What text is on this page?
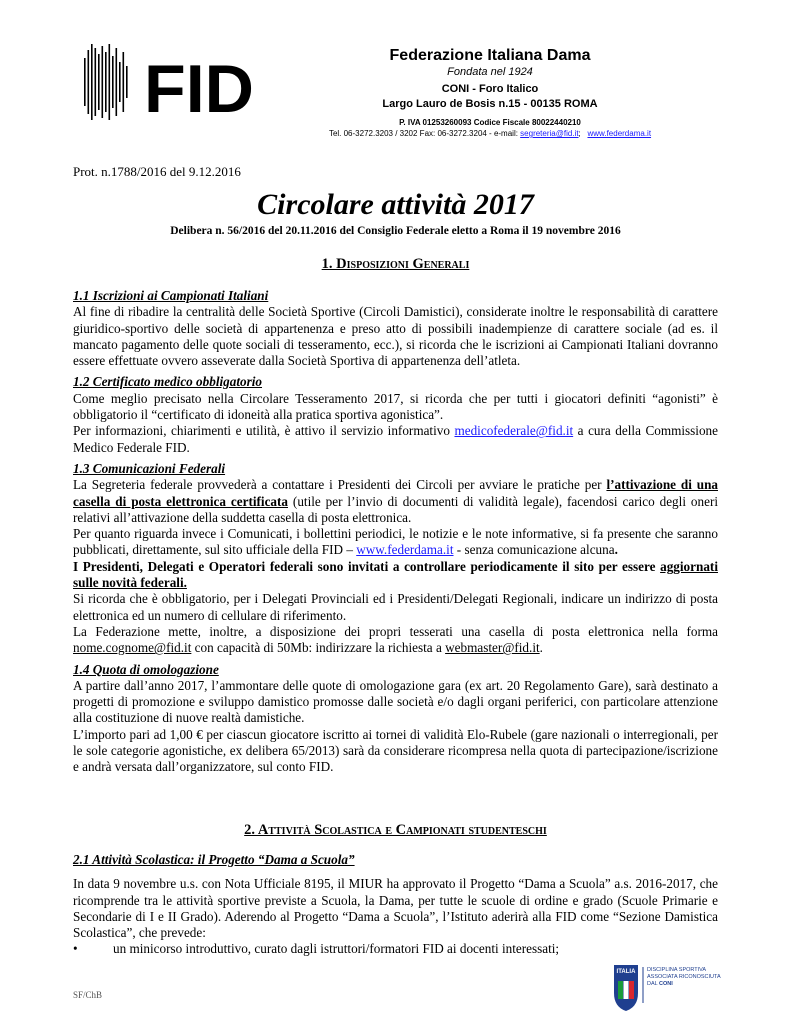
FID	Federazione Italiana Dama
Fondata nel 1924
CONI - Foro Italico
Largo Lauro de Bosis n.15 - 00135 ROMA
P. IVA 01253260093 Codice Fiscale 80022440210
Tel. 06-3272.3203 / 3202 Fax: 06-3272.3204 - e-mail: segreteria@fid.it; www.federdama.it
Prot. n.1788/2016 del 9.12.2016
Circolare attività 2017
Delibera n. 56/2016 del 20.11.2016 del Consiglio Federale eletto a Roma il 19 novembre 2016
1. Disposizioni Generali
1.1 Iscrizioni ai Campionati Italiani

Al fine di ribadire la centralità delle Società Sportive (Circoli Damistici), considerate inoltre le responsabilità di carattere giuridico-sportivo delle società di appartenenza e preso atto di possibili inadempienze di carattere sociale (ad es. il mancato pagamento delle quote sociali di tesseramento, ecc.), si ricorda che le iscrizioni ai Campionati Italiani dovranno essere effettuate ovvero asseverate dalla Società Sportiva di appartenenza dell’atleta.

1.2 Certificato medico obbligatorio

Come meglio precisato nella Circolare Tesseramento 2017, si ricorda che per tutti i giocatori definiti “agonisti” è obbligatorio il “certificato di idoneità alla pratica sportiva agonistica”.

Per informazioni, chiarimenti e utilità, è attivo il servizio informativo medicofederale@fid.it a cura della Commissione Medico Federale FID.

1.3 Comunicazioni Federali

La Segreteria federale provvederà a contattare i Presidenti dei Circoli per avviare le pratiche per l’attivazione di una casella di posta elettronica certificata (utile per l’invio di documenti di validità legale), facendosi carico degli oneri relativi all’attivazione della suddetta casella di posta elettronica.

Per quanto riguarda invece i Comunicati, i bollettini periodici, le notizie e le note informative, si fa presente che saranno pubblicati, direttamente, sul sito ufficiale della FID – www.federdama.it - senza comunicazione alcuna.

I Presidenti, Delegati e Operatori federali sono invitati a controllare periodicamente il sito per essere aggiornati sulle novità federali.

Si ricorda che è obbligatorio, per i Delegati Provinciali ed i Presidenti/Delegati Regionali, indicare un indirizzo di posta elettronica ed un numero di cellulare di riferimento.

La Federazione mette, inoltre, a disposizione dei propri tesserati una casella di posta elettronica nella forma nome.cognome@fid.it con capacità di 50Mb: indirizzare la richiesta a webmaster@fid.it.

1.4 Quota di omologazione

A partire dall’anno 2017, l’ammontare delle quote di omologazione gara (ex art. 20 Regolamento Gare), sarà destinato a progetti di promozione e sviluppo damistico promosse dalle società e/o dagli organi periferici, con particolare attenzione alla costituzione di nuove realtà damistiche.

L’importo pari ad 1,00 € per ciascun giocatore iscritto ai tornei di validità Elo-Rubele (gare nazionali o interregionali, per le sole categorie agonistiche, ex delibera 65/2013) sarà da considerare ricompresa nella quota di partecipazione/iscrizione e andrà versata dall’organizzatore, sul conto FID.

2. Attività Scolastica e Campionati studenteschi
2.1 Attività Scolastica: il Progetto “Dama a Scuola”

In data 9 novembre u.s. con Nota Ufficiale 8195, il MIUR ha approvato il Progetto “Dama a Scuola” a.s. 2016-2017, che ricomprende tra le attività sportive previste a Scuola, la Dama, per tutte le scuole di ordine e grado (Scuole Primarie e Secondarie di I e II Grado). Aderendo al Progetto “Dama a Scuola”, l’Istituto aderirà alla FID come “Sezione Damistica Scolastica”, che prevede:

•	un minicorso introduttivo, curato dagli istruttori/formatori FID ai docenti interessati;

SF/ChB
ITALIA DISCIPLINA SPORTIVA
ASSOCIATA RICONOSCIUTA
DAL CONI
